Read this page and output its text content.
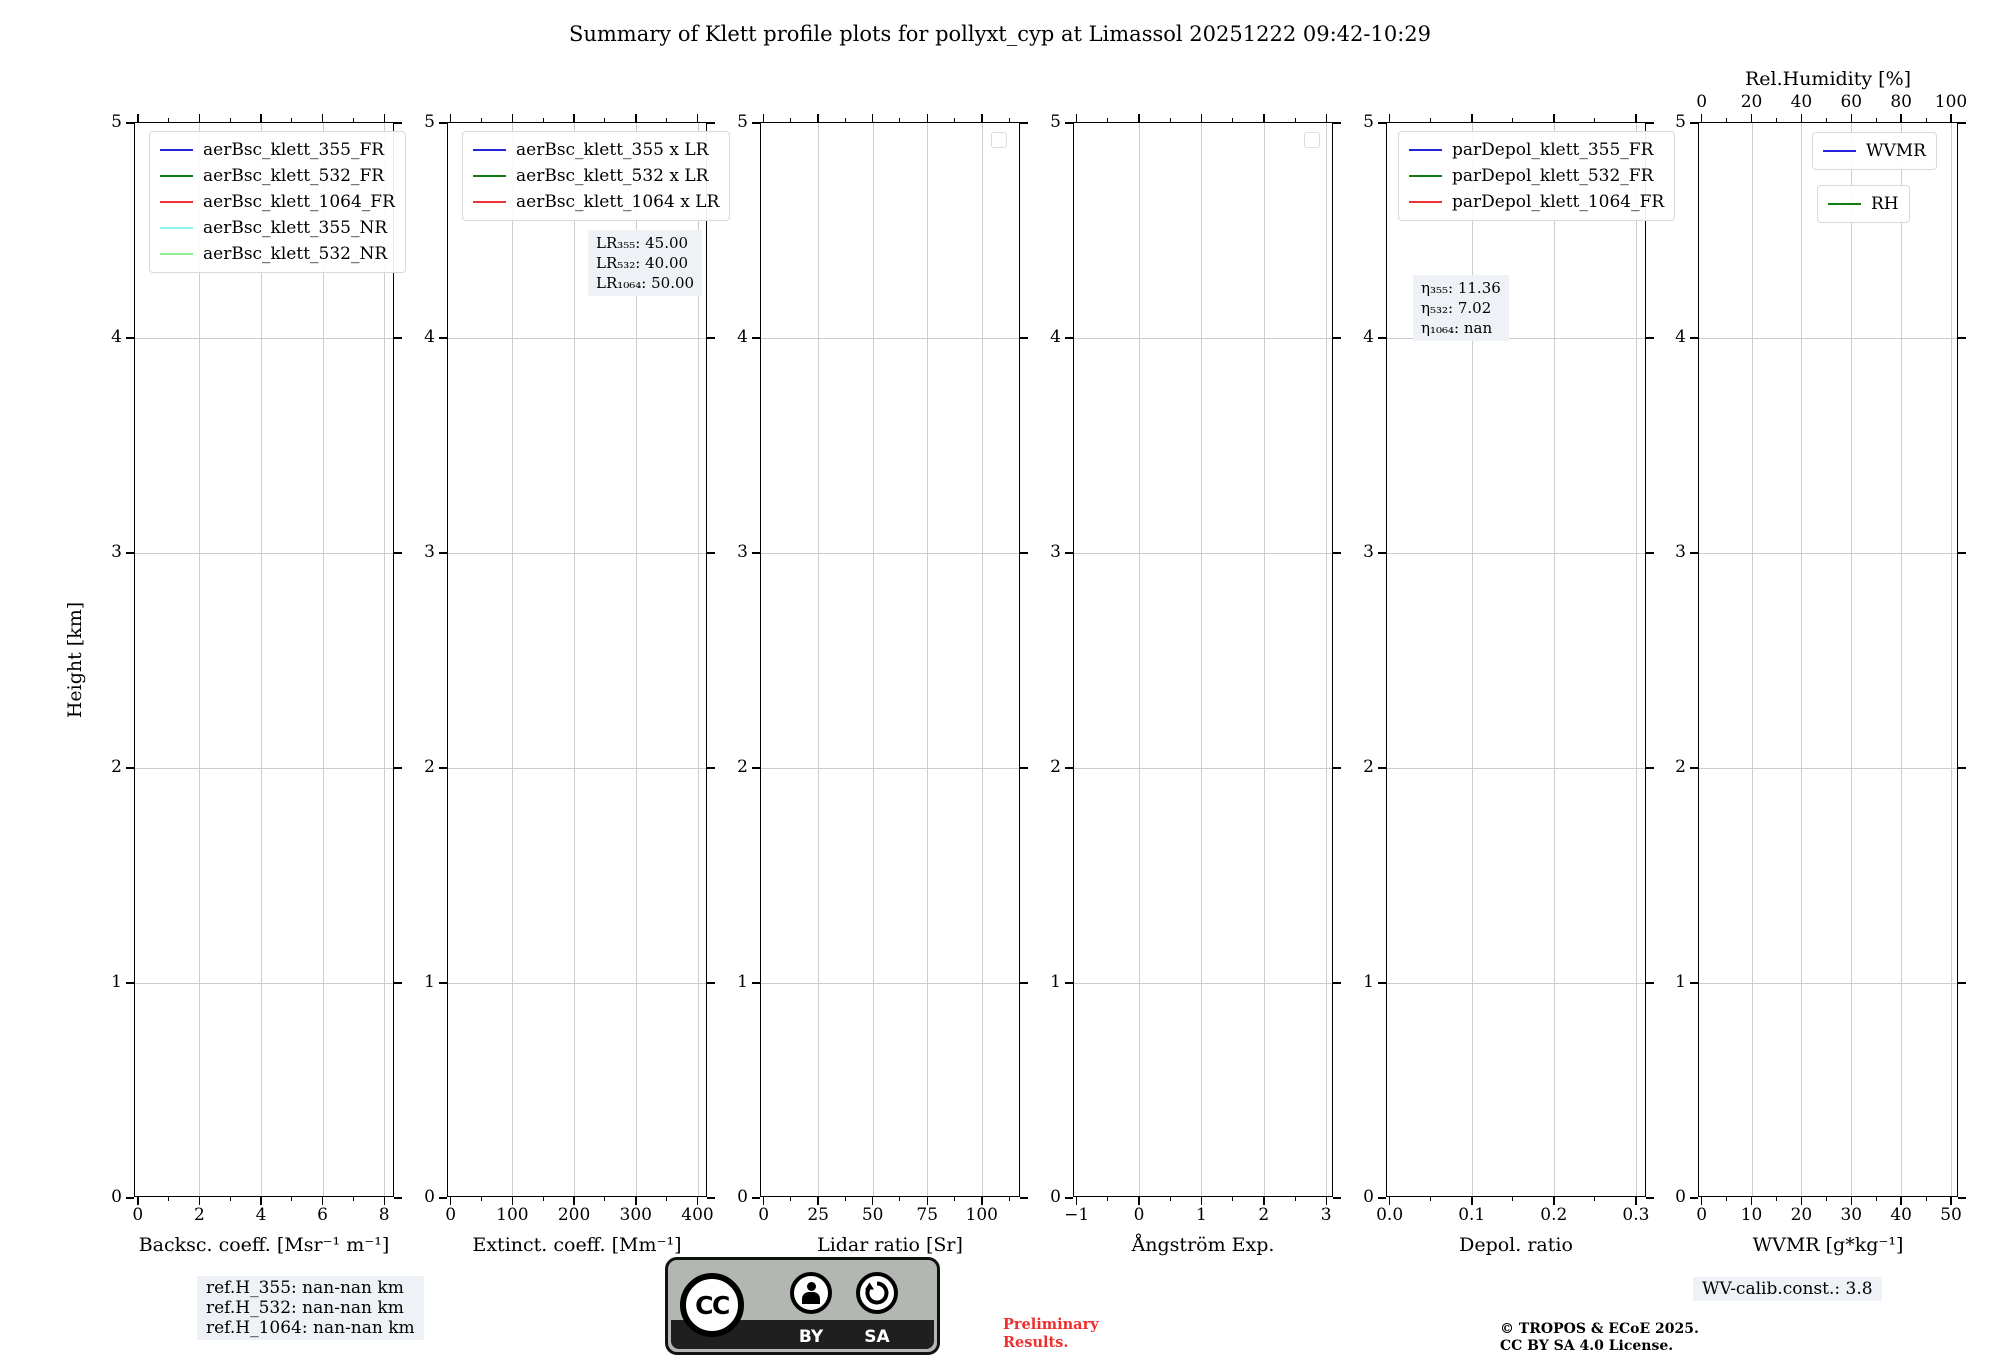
Summary of Klett profile plots for pollyxt_cyp at Limassol 20251222 09:42-10:29
Height [km]
0
1
2
3
4
5
0	2	4	6	8
Backsc. coeff. [Msr⁻¹ m⁻¹]
aerBsc_klett_355_FR
aerBsc_klett_532_FR
aerBsc_klett_1064_FR
aerBsc_klett_355_NR
aerBsc_klett_532_NR
0
1
2
3
4
5
0	100	200	300	400
Extinct. coeff. [Mm⁻¹]
aerBsc_klett_355 x LR
aerBsc_klett_532 x LR
aerBsc_klett_1064 x LR
LR₃₅₅: 45.00
LR₅₃₂: 40.00
LR₁₀₆₄: 50.00
0
1
2
3
4
5
0	25	50	75	100
Lidar ratio [Sr]
0
1
2
3
4
5
−1	0	1	2	3
Ångström Exp.
0
1
2
3
4
5
0.0	0.1	0.2	0.3
Depol. ratio
parDepol_klett_355_FR
parDepol_klett_532_FR
parDepol_klett_1064_FR
η₃₅₅: 11.36
η₅₃₂: 7.02
η₁₀₆₄: nan
0
1
2
3
4
5
0	10	20	30	40	50
WVMR [g*kg⁻¹]
0	20	40	60	80	100
Rel.Humidity [%]
WVMR
RH
ref.H_355: nan-nan km
ref.H_532: nan-nan km
ref.H_1064: nan-nan km
CC
BY	SA
Preliminary
Results.
© TROPOS & ECoE 2025.
CC BY SA 4.0 License.
WV-calib.const.: 3.8
